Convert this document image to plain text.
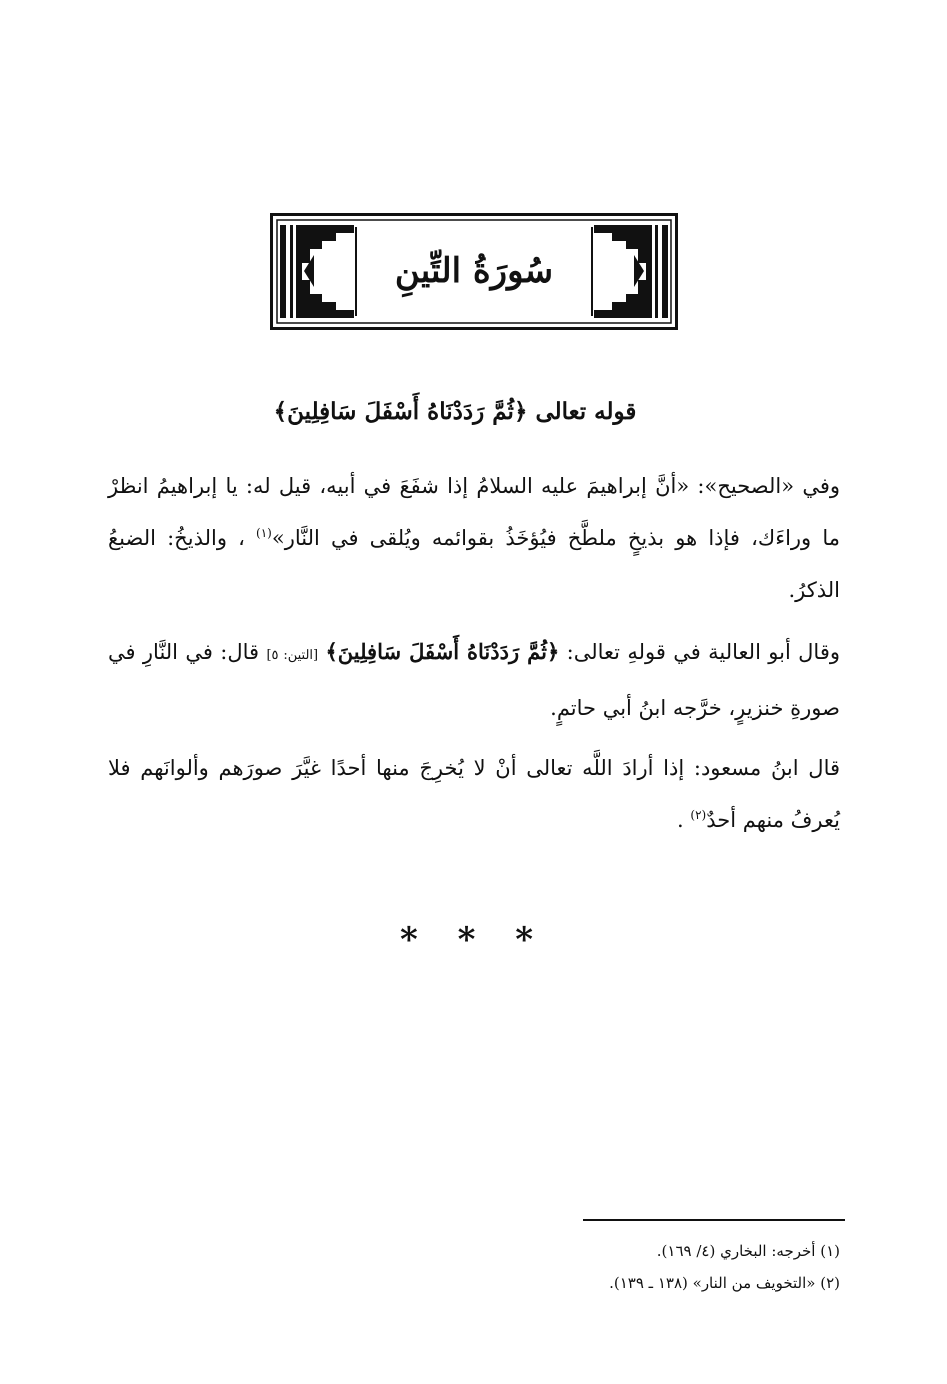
سُورَةُ التِّينِ
قوله تعالى ﴿ثُمَّ رَدَدْنَاهُ أَسْفَلَ سَافِلِينَ﴾
وفي «الصحيح»: «أنَّ إبراهيمَ عليه السلامُ إذا شفَعَ في أبيه، قيل له: يا إبراهيمُ انظرْ ما وراءَك، فإذا هو بذيخٍ ملطَّخ فيُؤخَذُ بقوائمه ويُلقى في النَّار»$^{(١)}$ ، والذيخُ: الضبعُ الذكرُ.
وقال أبو العالية في قولهِ تعالى: ﴿ثُمَّ رَدَدْنَاهُ أَسْفَلَ سَافِلِينَ﴾ [التين: ٥] قال: في النَّارِ في صورةِ خنزيرٍ، خرَّجه ابنُ أبي حاتمٍ.
قال ابنُ مسعود: إذا أرادَ اللَّه تعالى أنْ لا يُخرِجَ منها أحدًا غيَّرَ صورَهم وألوانَهم فلا يُعرفُ منهم أحدٌ$^{(٢)}$ .
* * *
(١) أخرجه: البخاري (٤/ ١٦٩).
(٢) «التخويف من النار» (١٣٨ ـ ١٣٩).
